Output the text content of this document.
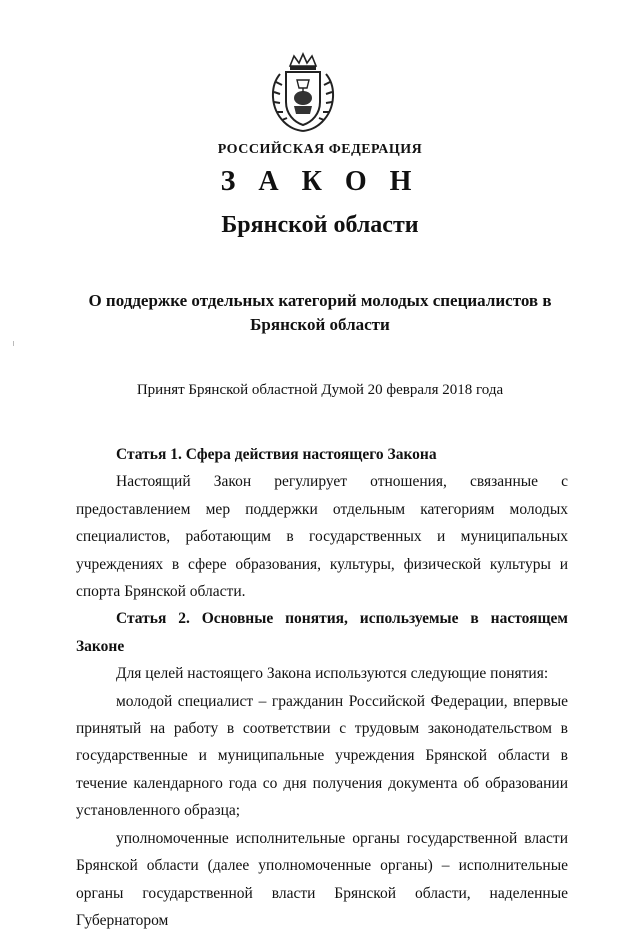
РОССИЙСКАЯ ФЕДЕРАЦИЯ
З А К О Н
Брянской области
О поддержке отдельных категорий молодых специалистов в
Брянской области
Принят Брянской областной Думой 20 февраля 2018 года

Статья 1. Сфера действия настоящего Закона

Настоящий Закон регулирует отношения, связанные с предоставлением мер поддержки отдельным категориям молодых специалистов, работающим в государственных и муниципальных учреждениях в сфере образования, культуры, физической культуры и спорта Брянской области.

Статья 2. Основные понятия, используемые в настоящем Законе

Для целей настоящего Закона используются следующие понятия:

молодой специалист – гражданин Российской Федерации, впервые принятый на работу в соответствии с трудовым законодательством в государственные и муниципальные учреждения Брянской области в течение календарного года со дня получения документа об образовании установленного образца;

уполномоченные исполнительные органы государственной власти Брянской области (далее уполномоченные органы) – исполнительные органы государственной власти Брянской области, наделенные Губернатором
